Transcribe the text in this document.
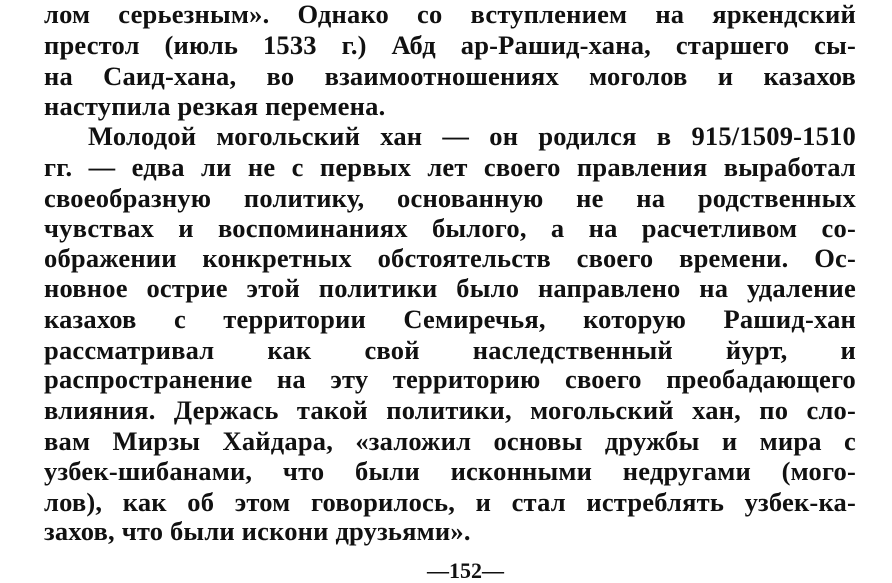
лом серьезным». Однако со вступлением на яркендский
престол (июль 1533 г.) Абд ар-Рашид-хана, старшего сы-
на Саид-хана, во взаимоотношениях моголов и казахов
наступила резкая перемена.
Молодой могольский хан — он родился в 915/1509-1510
гг. — едва ли не с первых лет своего правления выработал
своеобразную политику, основанную не на родственных
чувствах и воспоминаниях былого, а на расчетливом со-
ображении конкретных обстоятельств своего времени. Ос-
новное острие этой политики было направлено на удаление
казахов с территории Семиречья, которую Рашид-хан
рассматривал как свой наследственный йурт, и
распространение на эту территорию своего преобадающего
влияния. Держась такой политики, могольский хан, по сло-
вам Мирзы Хайдара, «заложил основы дружбы и мира с
узбек-шибанами, что были исконными недругами (мого-
лов), как об этом говорилось, и стал истреблять узбек-ка-
захов, что были искони друзьями».
—152—
